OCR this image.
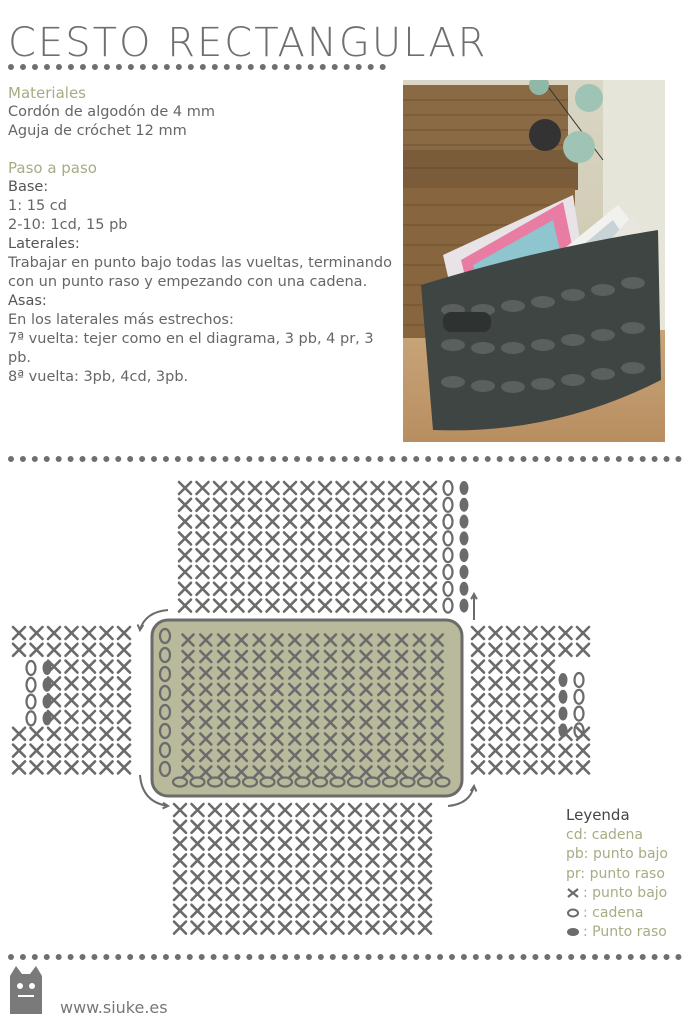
CESTO RECTANGULAR
Materiales
Cordón de algodón de 4 mm
Aguja de cróchet 12 mm
Paso a paso
Base:
1: 15 cd
2-10: 1cd, 15 pb
Laterales:
Trabajar en punto bajo todas las vueltas, terminando con un punto raso y empezando con una cadena.
Asas:
En los laterales más estrechos:
7ª vuelta: tejer como en el diagrama, 3 pb, 4 pr, 3 pb.
8ª vuelta: 3pb, 4cd, 3pb.
Leyenda
cd: cadena
pb: punto bajo
pr: punto raso
: punto bajo
: cadena
: Punto raso
www.siuke.es
